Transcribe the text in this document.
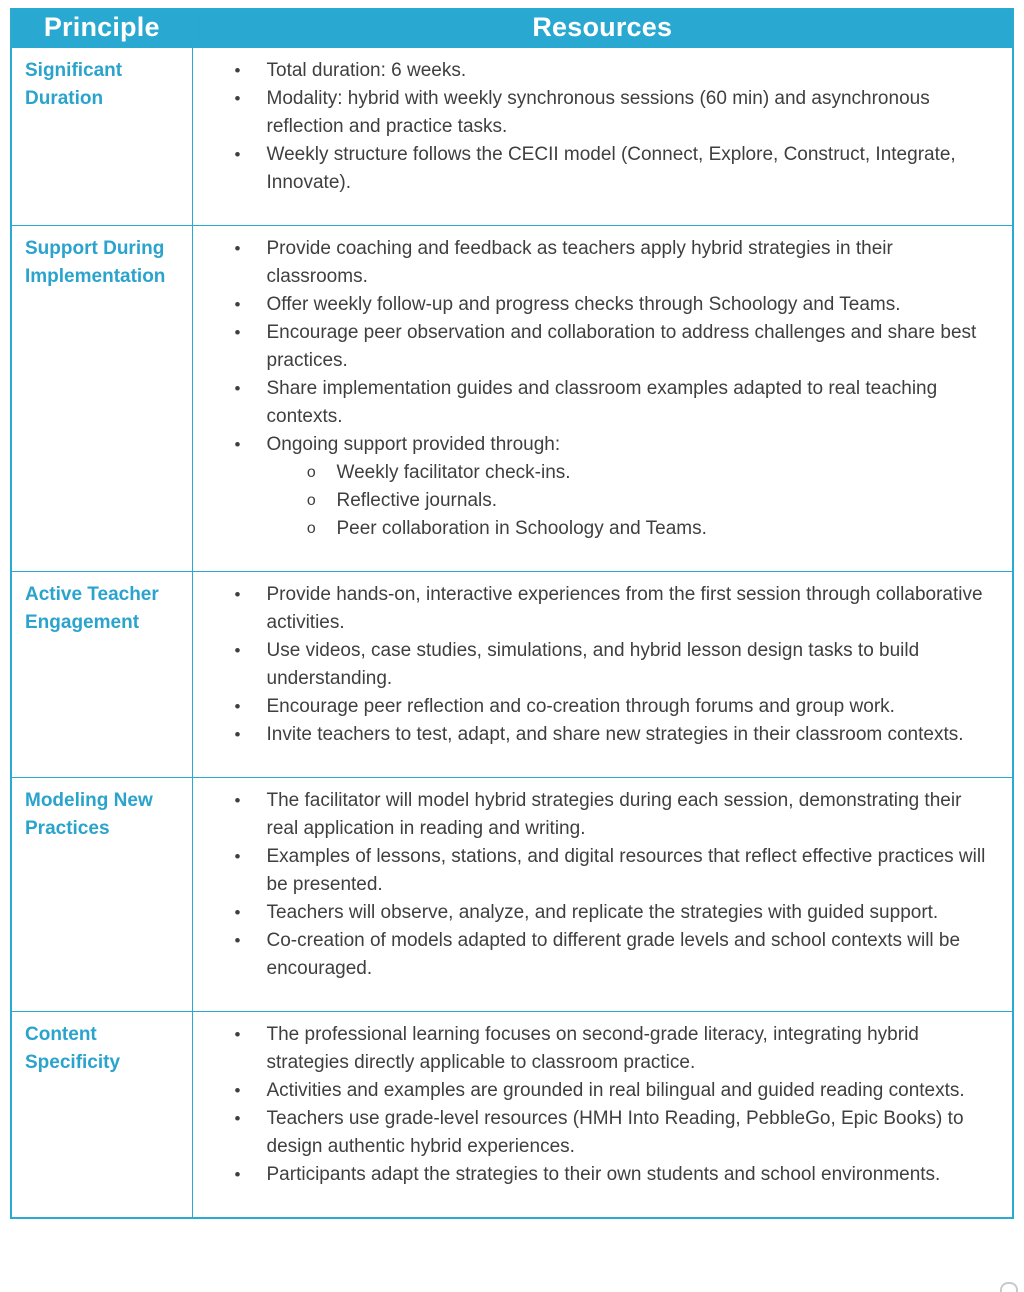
Principle	Resources
Significant Duration	
•	Total duration: 6 weeks.
•	Modality: hybrid with weekly synchronous sessions (60 min) and asynchronous reflection and practice tasks.
•	Weekly structure follows the CECII model (Connect, Explore, Construct, Integrate, Innovate).

Support During Implementation	
•	Provide coaching and feedback as teachers apply hybrid strategies in their classrooms.
•	Offer weekly follow-up and progress checks through Schoology and Teams.
•	Encourage peer observation and collaboration to address challenges and share best practices.
•	Share implementation guides and classroom examples adapted to real teaching contexts.
•	Ongoing support provided through:
o	Weekly facilitator check-ins.
o	Reflective journals.
o	Peer collaboration in Schoology and Teams.

Active Teacher Engagement	
•	Provide hands-on, interactive experiences from the first session through collaborative activities.
•	Use videos, case studies, simulations, and hybrid lesson design tasks to build understanding.
•	Encourage peer reflection and co-creation through forums and group work.
•	Invite teachers to test, adapt, and share new strategies in their classroom contexts.

Modeling New Practices	
•	The facilitator will model hybrid strategies during each session, demonstrating their real application in reading and writing.
•	Examples of lessons, stations, and digital resources that reflect effective practices will be presented.
•	Teachers will observe, analyze, and replicate the strategies with guided support.
•	Co-creation of models adapted to different grade levels and school contexts will be encouraged.

Content Specificity	
•	The professional learning focuses on second-grade literacy, integrating hybrid strategies directly applicable to classroom practice.
•	Activities and examples are grounded in real bilingual and guided reading contexts.
•	Teachers use grade-level resources (HMH Into Reading, PebbleGo, Epic Books) to design authentic hybrid experiences.
•	Participants adapt the strategies to their own students and school environments.
